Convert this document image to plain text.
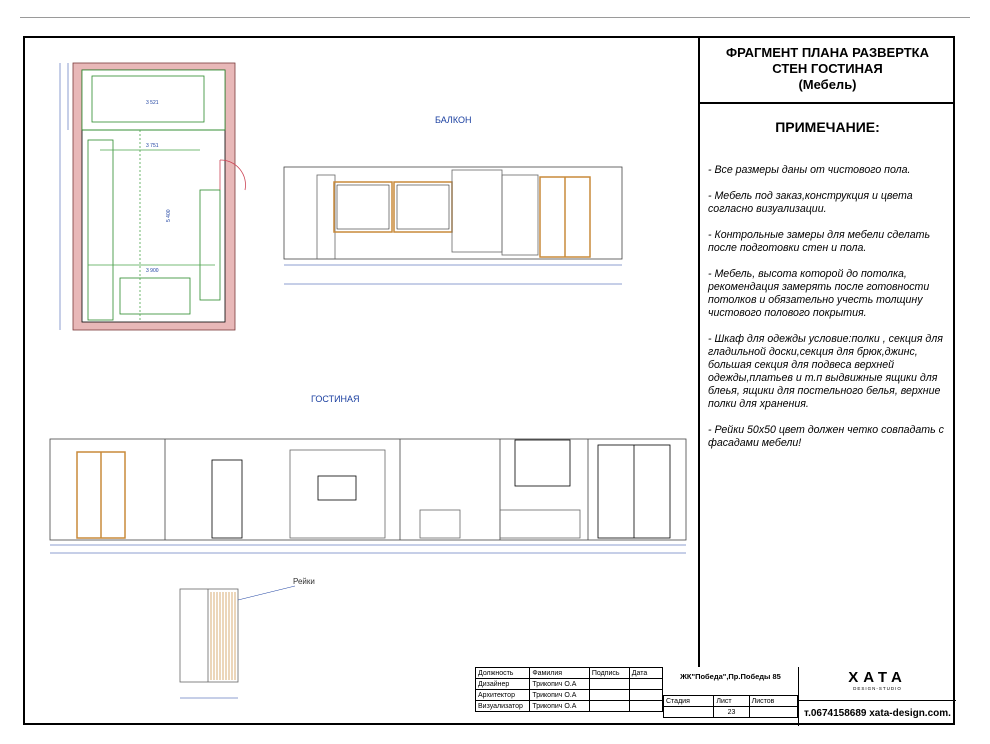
3 521
3 751
3 900
5 400
БАЛКОН
ГОСТИНАЯ
Рейки
ФРАГМЕНТ ПЛАНА РАЗВЕРТКА
СТЕН ГОСТИНАЯ
(Мебель)
ПРИМЕЧАНИЕ:

- Все размеры даны от чистового пола.

- Мебель под заказ,конструкция и цвета согласно визуализации.

- Контрольные замеры для мебели сделать после подготовки стен и пола.

- Мебель, высота которой до потолка, рекомендация замерять после готовности потолков и обязательно учесть толщину чистового полового покрытия.

- Шкаф для одежды условие:полки , секция для гладильной доски,секция для брюк,джинс, большая секция для подвеса верхней одежды,платьев и т.п выдвижные ящики для блеья, ящики для постельного белья, верхние полки для хранения.

- Рейки 50х50 цвет должен четко совпадать с фасадами мебели!

Должность	Фамилия	Подпись	Дата
Дизайнер	Трикопич О.А		
Архитектор	Трикопич О.А		
Визуализатор	Трикопич О.А		
ЖК"Победа",Пр.Победы 85
Стадия	Лист	Листов
	23	
XATA
DESIGN-STUDIO
т.0674158689 xata-design.com.
